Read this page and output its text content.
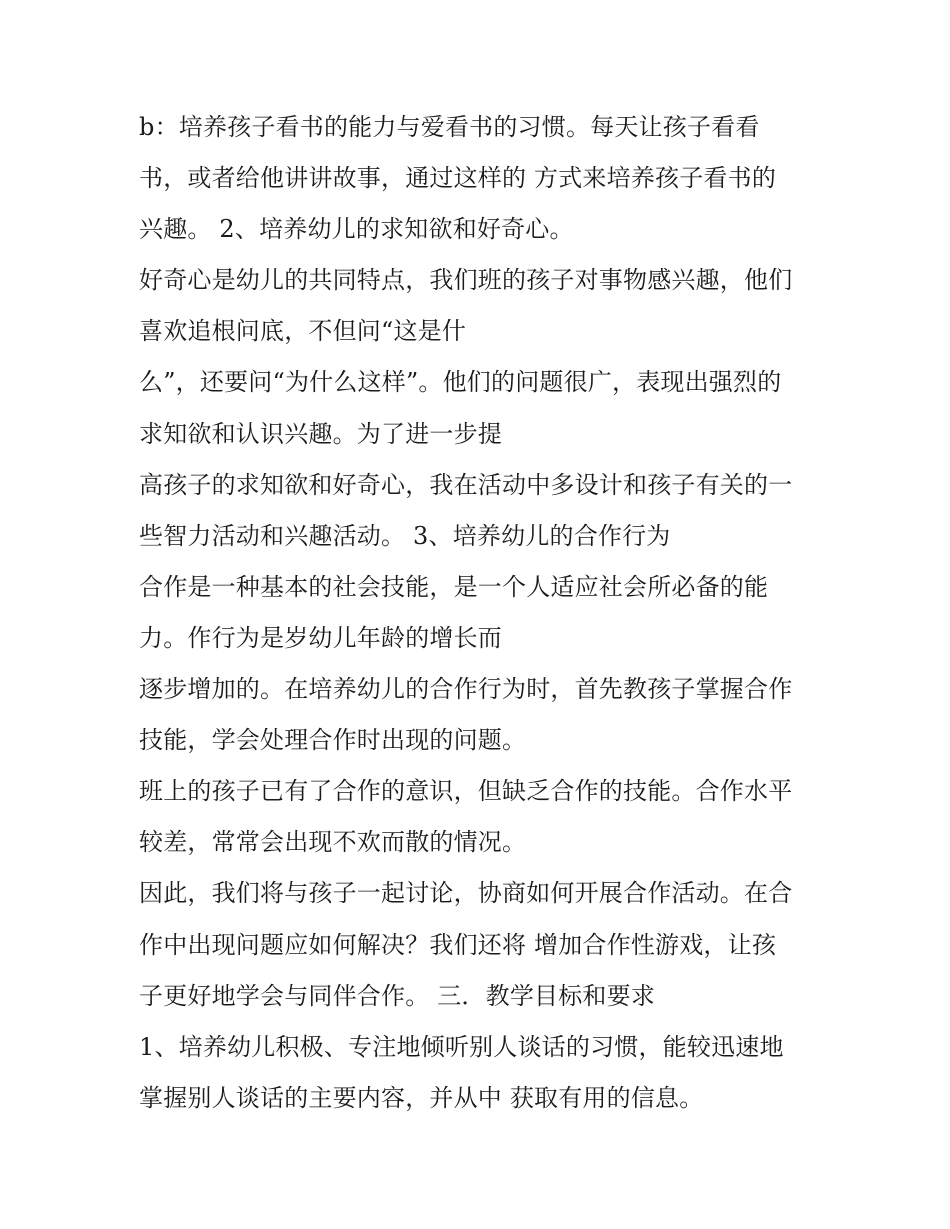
b：培养孩子看书的能力与爱看书的习惯。每天让孩子看看
书，或者给他讲讲故事，通过这样的 方式来培养孩子看书的
兴趣。 2、培养幼儿的求知欲和好奇心。
好奇心是幼儿的共同特点，我们班的孩子对事物感兴趣，他们
喜欢追根问底，不但问“这是什
么”，还要问“为什么这样”。他们的问题很广，表现出强烈的
求知欲和认识兴趣。为了进一步提
高孩子的求知欲和好奇心，我在活动中多设计和孩子有关的一
些智力活动和兴趣活动。 3、培养幼儿的合作行为
合作是一种基本的社会技能，是一个人适应社会所必备的能
力。作行为是岁幼儿年龄的增长而
逐步增加的。在培养幼儿的合作行为时，首先教孩子掌握合作
技能，学会处理合作时出现的问题。
班上的孩子已有了合作的意识，但缺乏合作的技能。合作水平
较差，常常会出现不欢而散的情况。
因此，我们将与孩子一起讨论，协商如何开展合作活动。在合
作中出现问题应如何解决？我们还将 增加合作性游戏，让孩
子更好地学会与同伴合作。 三．教学目标和要求
1、培养幼儿积极、专注地倾听别人谈话的习惯，能较迅速地
掌握别人谈话的主要内容，并从中 获取有用的信息。
